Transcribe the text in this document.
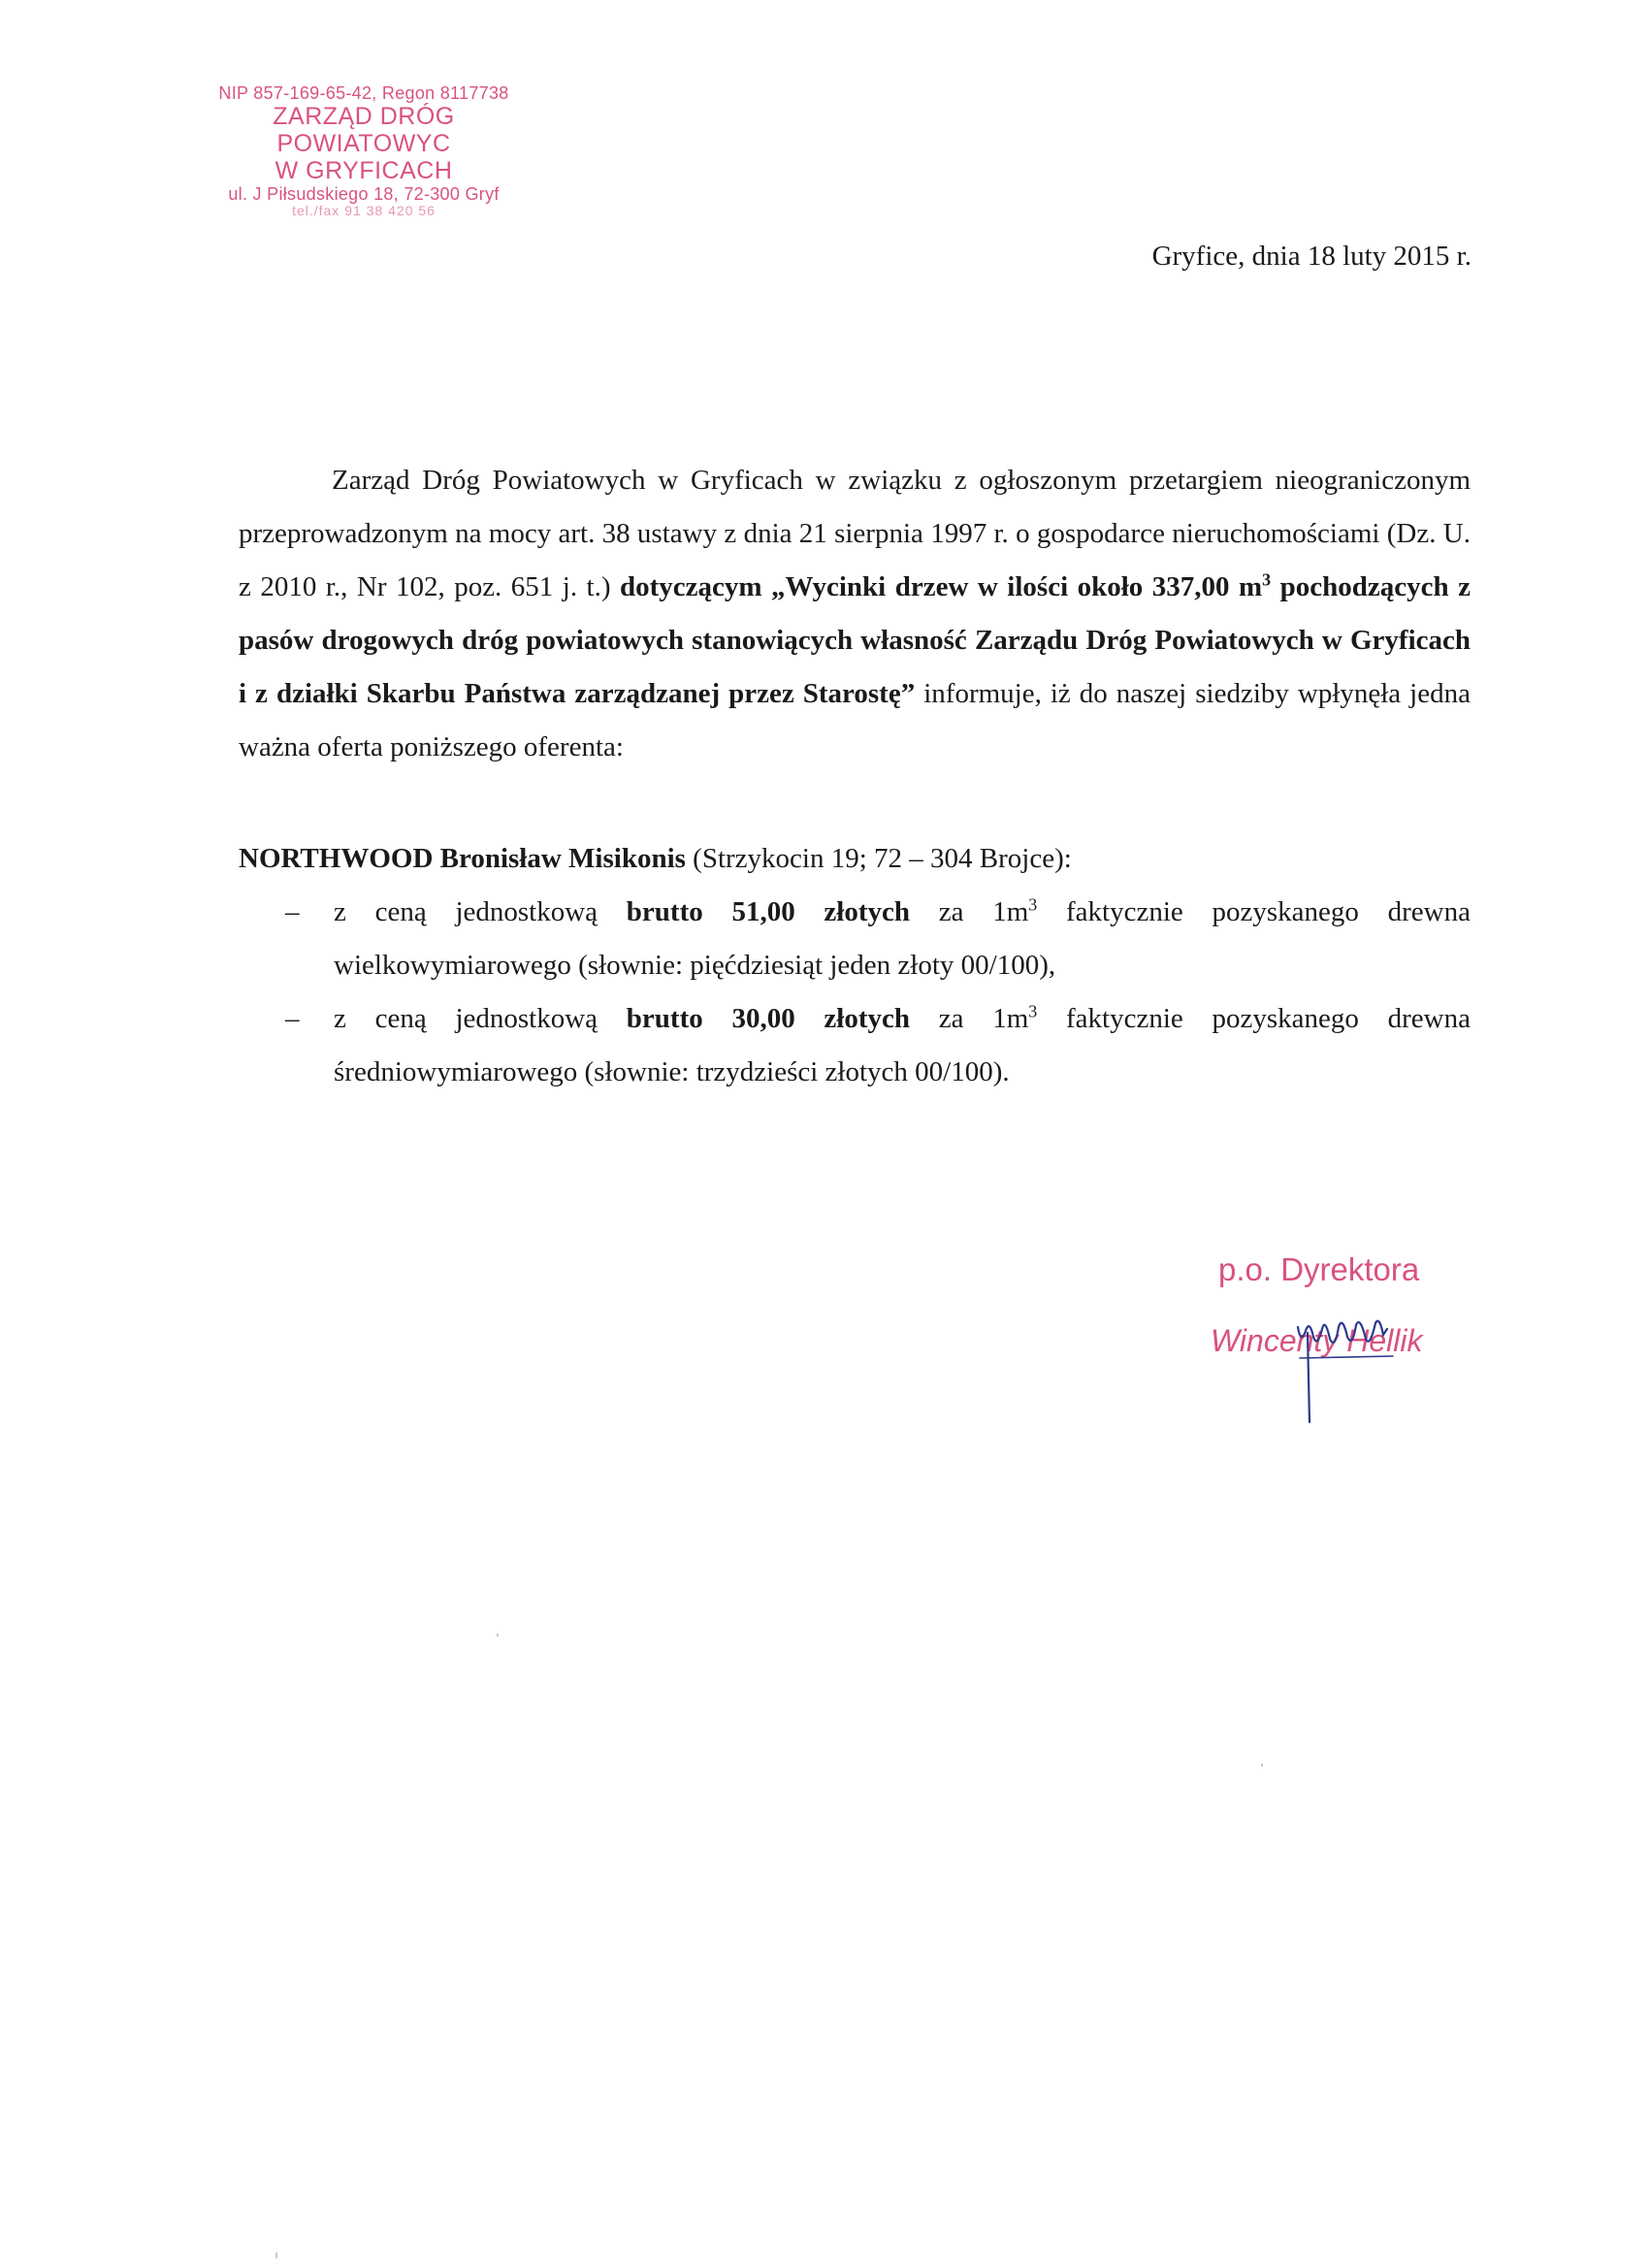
NIP 857-169-65-42, Regon 8117738
ZARZĄD DRÓG POWIATOWYC
W GRYFICACH
ul. J Piłsudskiego 18, 72-300 Gryf
tel./fax 91 38 420 56
Gryfice, dnia 18 luty 2015 r.

Zarząd Dróg Powiatowych w Gryficach w związku z ogłoszonym przetargiem nieograniczonym przeprowadzonym na mocy art. 38 ustawy z dnia 21 sierpnia 1997 r. o gospodarce nieruchomościami (Dz. U. z 2010 r., Nr 102, poz. 651 j. t.) dotyczącym „Wycinki drzew w ilości około 337,00 $m^3$ pochodzących z pasów drogowych dróg powiatowych stanowiących własność Zarządu Dróg Powiatowych w Gryficach i z działki Skarbu Państwa zarządzanej przez Starostę” informuje, iż do naszej siedziby wpłynęła jedna ważna oferta poniższego oferenta:

NORTHWOOD Bronisław Misikonis (Strzykocin 19; 72 – 304 Brojce):

– z ceną jednostkową brutto 51,00 złotych za $1m^3$ faktycznie pozyskanego drewna wielkowymiarowego (słownie: pięćdziesiąt jeden złoty 00/100),
– z ceną jednostkową brutto 30,00 złotych za $1m^3$ faktycznie pozyskanego drewna średniowymiarowego (słownie: trzydzieści złotych 00/100).
p.o. Dyrektora
Wincenty Hellik
